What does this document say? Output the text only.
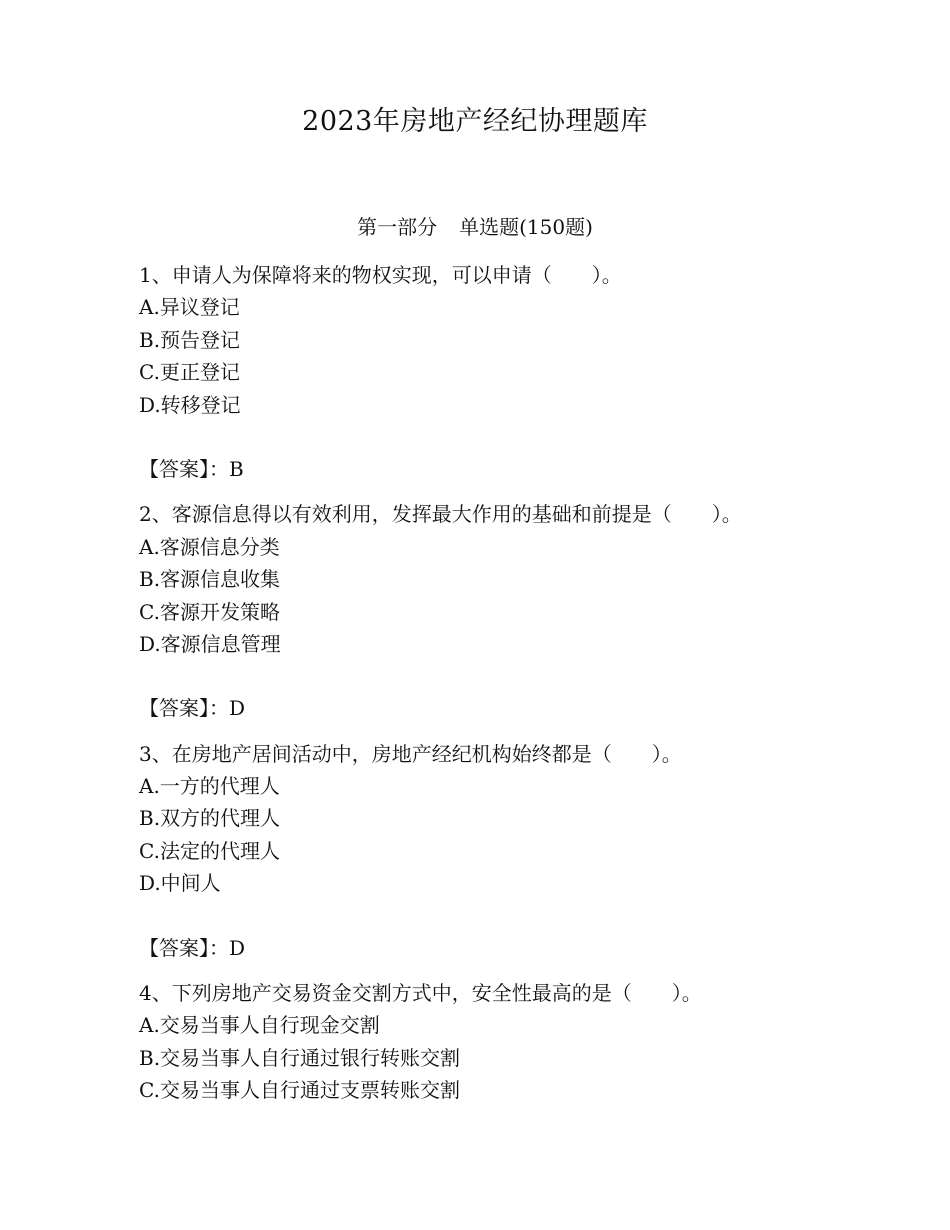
2023年房地产经纪协理题库
第一部分 单选题(150题)
1、申请人为保障将来的物权实现，可以申请（ ）。
A.异议登记
B.预告登记
C.更正登记
D.转移登记
【答案】：B
2、客源信息得以有效利用，发挥最大作用的基础和前提是（ ）。
A.客源信息分类
B.客源信息收集
C.客源开发策略
D.客源信息管理
【答案】：D
3、在房地产居间活动中，房地产经纪机构始终都是（ ）。
A.一方的代理人
B.双方的代理人
C.法定的代理人
D.中间人
【答案】：D
4、下列房地产交易资金交割方式中，安全性最高的是（ ）。
A.交易当事人自行现金交割
B.交易当事人自行通过银行转账交割
C.交易当事人自行通过支票转账交割
